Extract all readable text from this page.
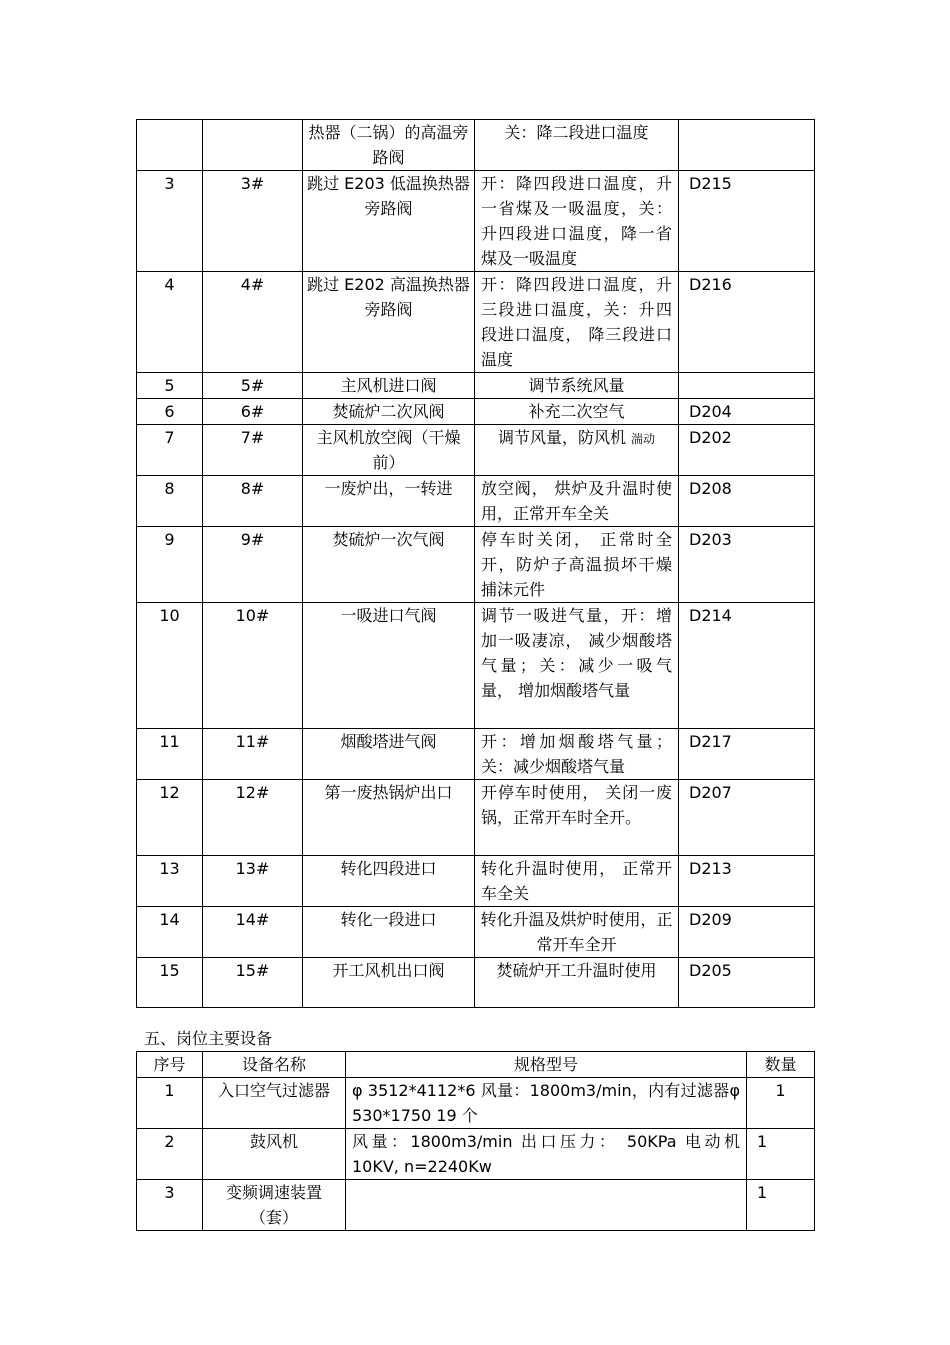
		热器（二锅）的高温旁路阀	关：降二段进口温度	
3	3#	跳过 E203 低温换热器旁路阀	开：降四段进口温度，升一省煤及一吸温度，关：升四段进口温度，降一省煤及一吸温度	D215
4	4#	跳过 E202 高温换热器旁路阀	开：降四段进口温度，升三段进口温度，关：升四段进口温度， 降三段进口温度	D216
5	5#	主风机进口阀	调节系统风量	
6	6#	焚硫炉二次风阀	补充二次空气	D204
7	7#	主风机放空阀（干燥前）	调节风量，防风机 湍动	D202
8	8#	一废炉出，一转进	放空阀， 烘炉及升温时使用，正常开车全关	D208
9	9#	焚硫炉一次气阀	停车时关闭， 正常时全开，防炉子高温损坏干燥捕沫元件	D203
10	10#	一吸进口气阀	调节一吸进气量，开：增加一吸凄凉， 减少烟酸塔气量；关：减少一吸气量， 增加烟酸塔气量	D214
11	11#	烟酸塔进气阀	开：增加烟酸塔气量；关：减少烟酸塔气量	D217
12	12#	第一废热锅炉出口	开停车时使用， 关闭一废锅，正常开车时全开。	D207
13	13#	转化四段进口	转化升温时使用， 正常开车全关	D213
14	14#	转化一段进口	转化升温及烘炉时使用，正常开车全开	D209
15	15#	开工风机出口阀	焚硫炉开工升温时使用	D205
五、岗位主要设备
序号	设备名称	规格型号	数量
1	入口空气过滤器	φ 3512*4112*6 风量：1800m3/min，内有过滤器φ 530*1750 19 个	1
2	鼓风机	风量：1800m3/min 出口压力： 50KPa 电动机 10KV, n=2240Kw	1
3	变频调速装置（套）		1
